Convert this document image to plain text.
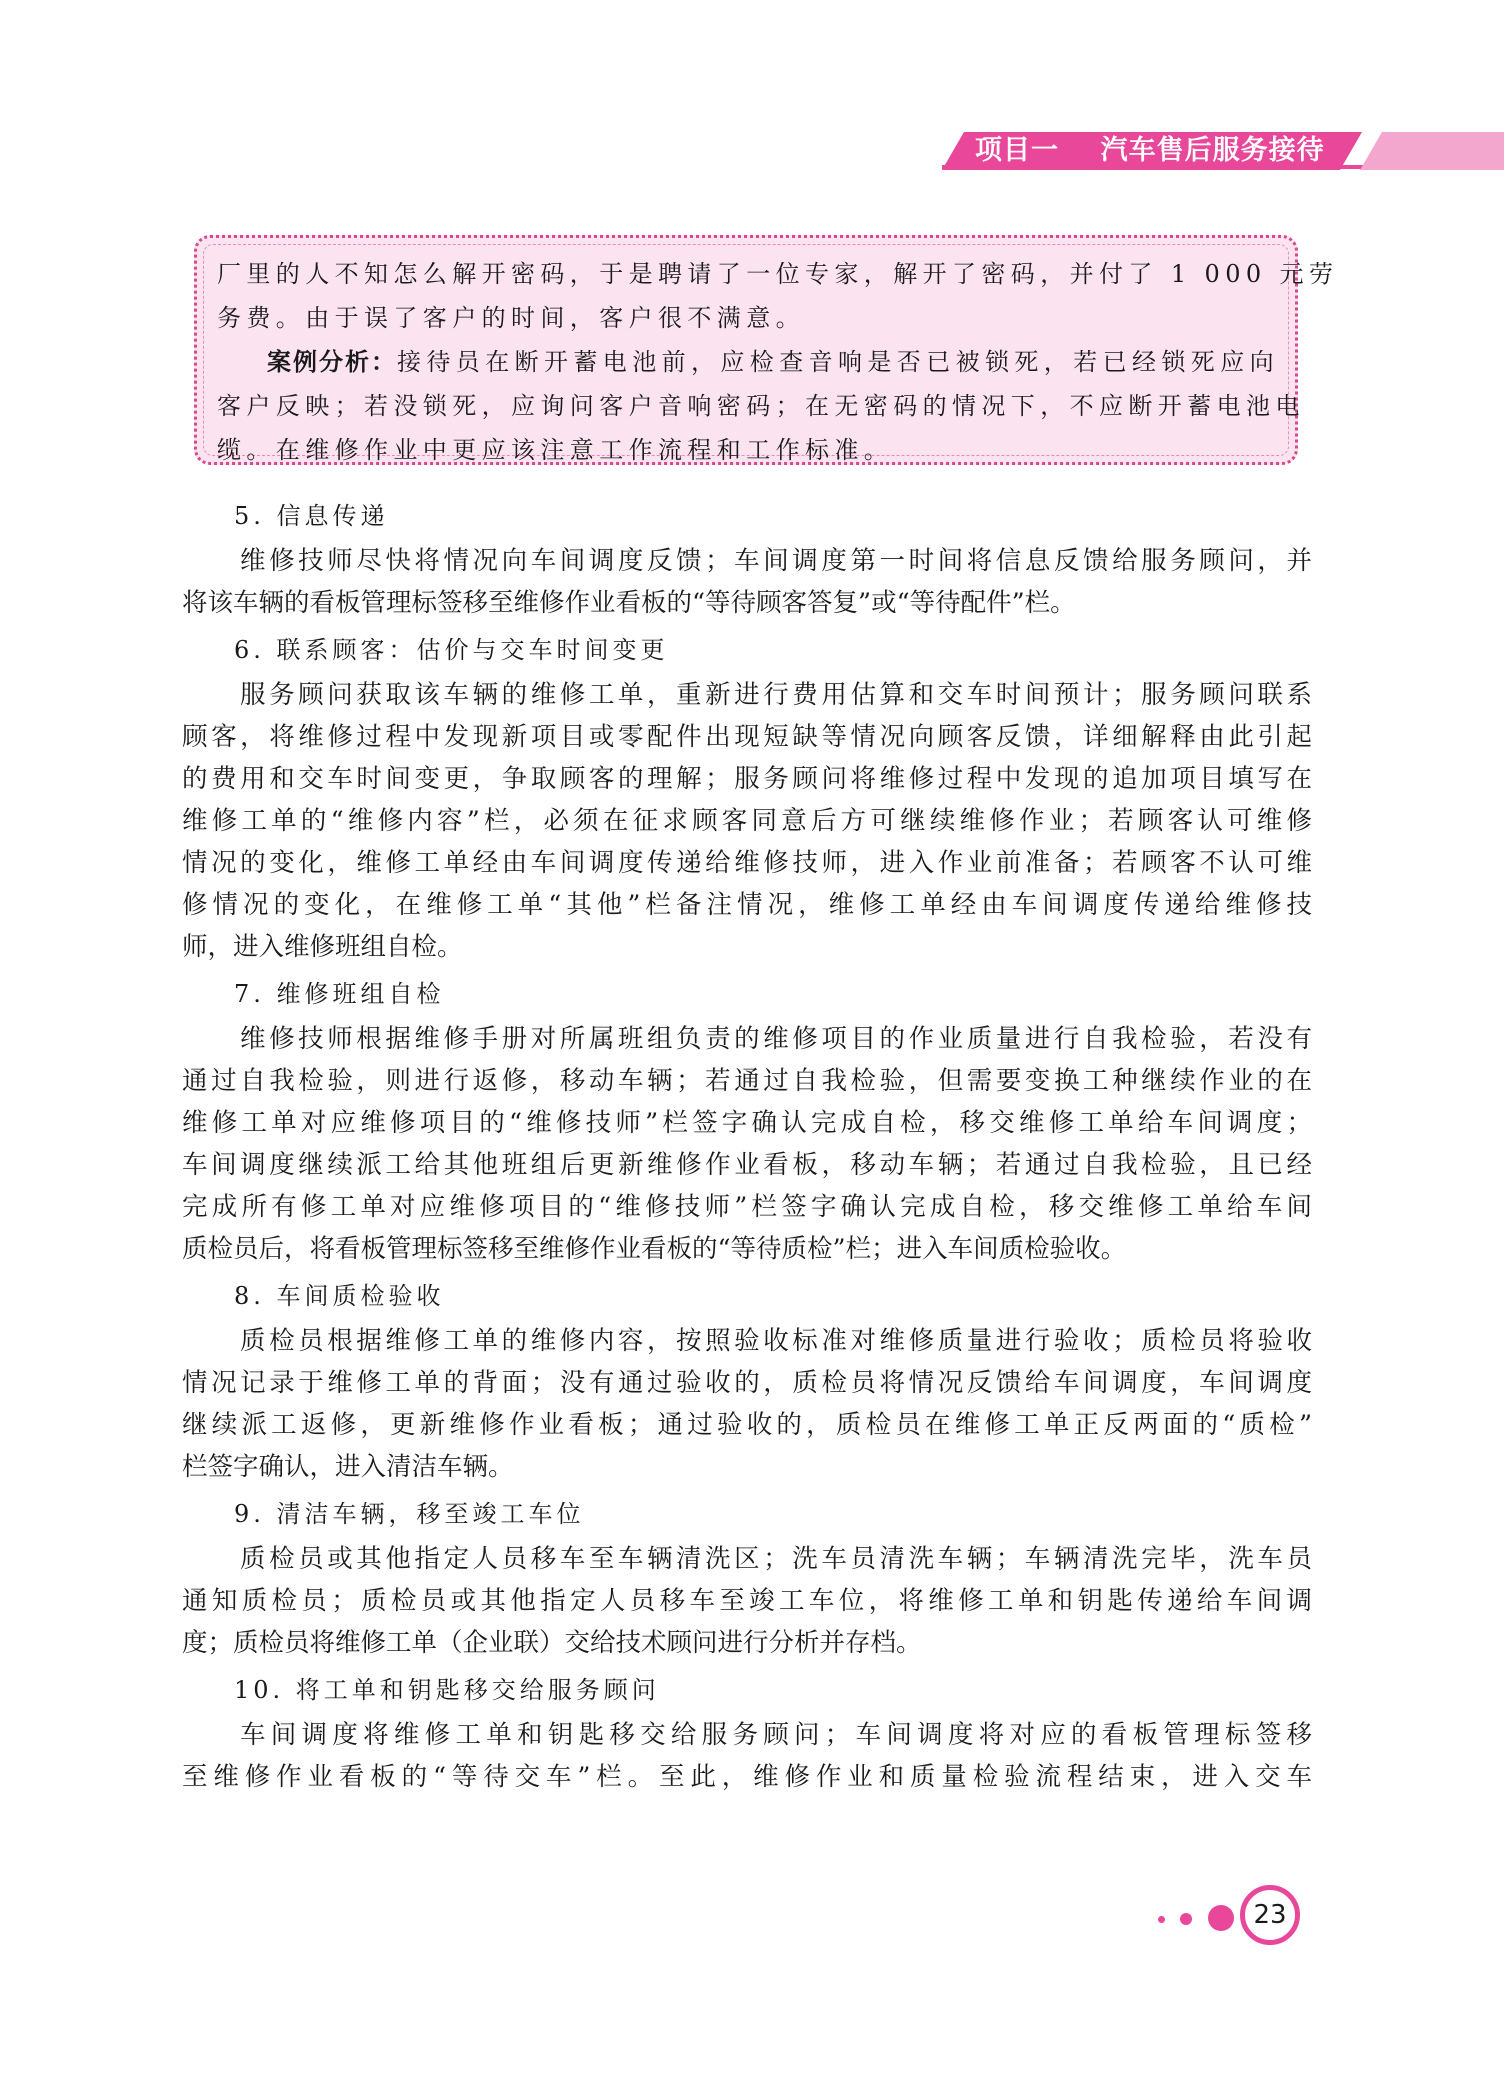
项目一    汽车售后服务接待
厂里的人不知怎么解开密码，于是聘请了一位专家，解开了密码，并付了 1 000 元劳
务费。由于误了客户的时间，客户很不满意。
案例分析：接待员在断开蓄电池前，应检查音响是否已被锁死，若已经锁死应向
客户反映；若没锁死，应询问客户音响密码；在无密码的情况下，不应断开蓄电池电
缆。在维修作业中更应该注意工作流程和工作标准。
5. 信息传递
维修技师尽快将情况向车间调度反馈；车间调度第一时间将信息反馈给服务顾问，并
将该车辆的看板管理标签移至维修作业看板的“等待顾客答复”或“等待配件”栏。
6. 联系顾客：估价与交车时间变更
服务顾问获取该车辆的维修工单，重新进行费用估算和交车时间预计；服务顾问联系
顾客，将维修过程中发现新项目或零配件出现短缺等情况向顾客反馈，详细解释由此引起
的费用和交车时间变更，争取顾客的理解；服务顾问将维修过程中发现的追加项目填写在
维修工单的“维修内容”栏，必须在征求顾客同意后方可继续维修作业；若顾客认可维修
情况的变化，维修工单经由车间调度传递给维修技师，进入作业前准备；若顾客不认可维
修情况的变化，在维修工单“其他”栏备注情况，维修工单经由车间调度传递给维修技
师，进入维修班组自检。
7. 维修班组自检
维修技师根据维修手册对所属班组负责的维修项目的作业质量进行自我检验，若没有
通过自我检验，则进行返修，移动车辆；若通过自我检验，但需要变换工种继续作业的在
维修工单对应维修项目的“维修技师”栏签字确认完成自检，移交维修工单给车间调度；
车间调度继续派工给其他班组后更新维修作业看板，移动车辆；若通过自我检验，且已经
完成所有修工单对应维修项目的“维修技师”栏签字确认完成自检，移交维修工单给车间
质检员后，将看板管理标签移至维修作业看板的“等待质检”栏；进入车间质检验收。
8. 车间质检验收
质检员根据维修工单的维修内容，按照验收标准对维修质量进行验收；质检员将验收
情况记录于维修工单的背面；没有通过验收的，质检员将情况反馈给车间调度，车间调度
继续派工返修，更新维修作业看板；通过验收的，质检员在维修工单正反两面的“质检”
栏签字确认，进入清洁车辆。
9. 清洁车辆，移至竣工车位
质检员或其他指定人员移车至车辆清洗区；洗车员清洗车辆；车辆清洗完毕，洗车员
通知质检员；质检员或其他指定人员移车至竣工车位，将维修工单和钥匙传递给车间调
度；质检员将维修工单（企业联）交给技术顾问进行分析并存档。
10. 将工单和钥匙移交给服务顾问
车间调度将维修工单和钥匙移交给服务顾问；车间调度将对应的看板管理标签移
至维修作业看板的“等待交车”栏。至此，维修作业和质量检验流程结束，进入交车
23
